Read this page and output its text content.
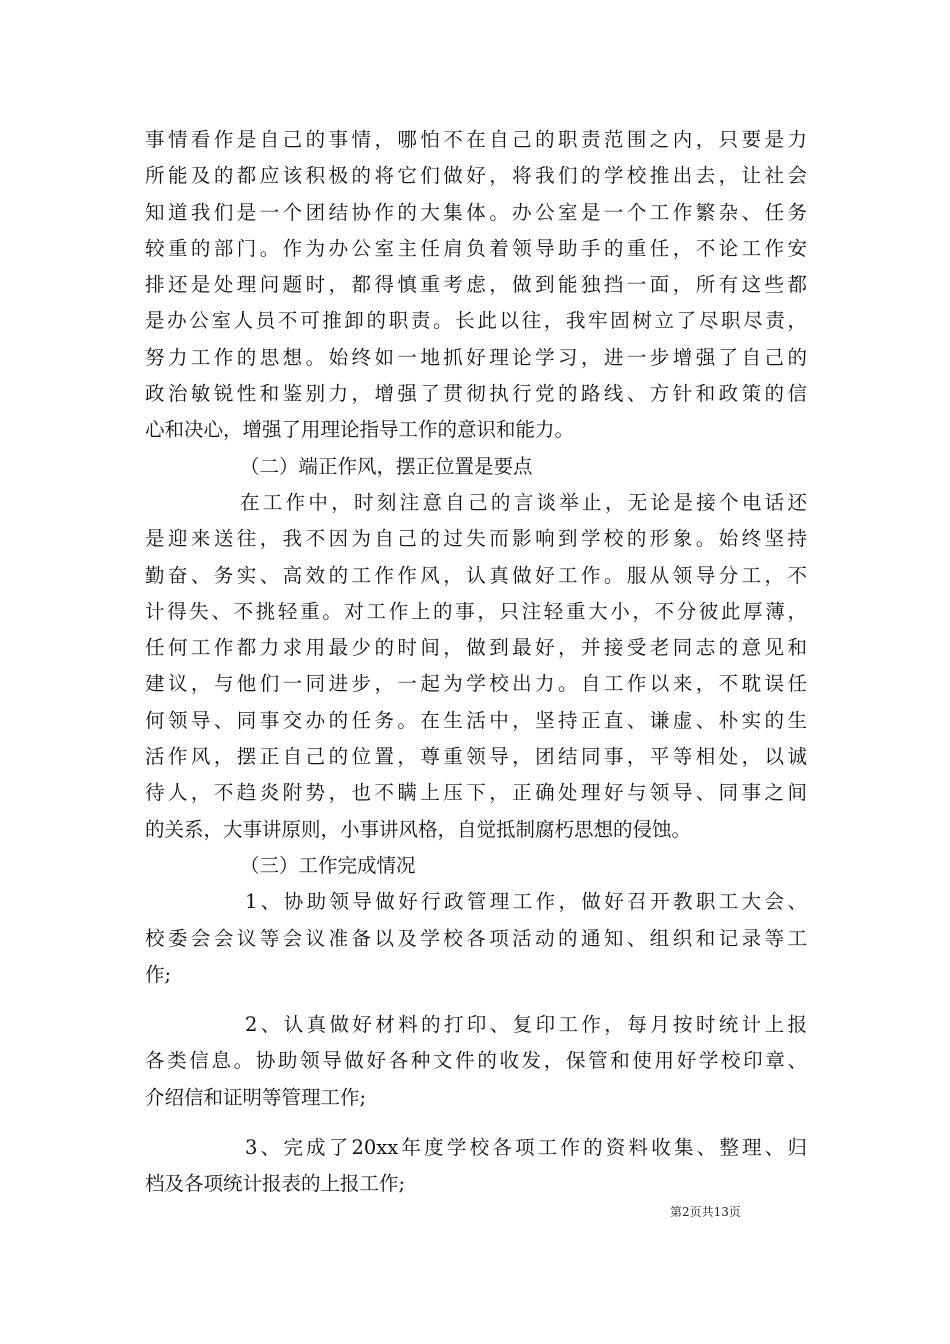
事情看作是自己的事情，哪怕不在自己的职责范围之内，只要是力
所能及的都应该积极的将它们做好，将我们的学校推出去，让社会
知道我们是一个团结协作的大集体。办公室是一个工作繁杂、任务
较重的部门。作为办公室主任肩负着领导助手的重任，不论工作安
排还是处理问题时，都得慎重考虑，做到能独挡一面，所有这些都
是办公室人员不可推卸的职责。长此以往，我牢固树立了尽职尽责，
努力工作的思想。始终如一地抓好理论学习，进一步增强了自己的
政治敏锐性和鉴别力，增强了贯彻执行党的路线、方针和政策的信
心和决心，增强了用理论指导工作的意识和能力。
（二）端正作风，摆正位置是要点
在工作中，时刻注意自己的言谈举止，无论是接个电话还
是迎来送往，我不因为自己的过失而影响到学校的形象。始终坚持
勤奋、务实、高效的工作作风，认真做好工作。服从领导分工，不
计得失、不挑轻重。对工作上的事，只注轻重大小，不分彼此厚薄，
任何工作都力求用最少的时间，做到最好，并接受老同志的意见和
建议，与他们一同进步，一起为学校出力。自工作以来，不耽误任
何领导、同事交办的任务。在生活中，坚持正直、谦虚、朴实的生
活作风，摆正自己的位置，尊重领导，团结同事，平等相处，以诚
待人，不趋炎附势，也不瞒上压下，正确处理好与领导、同事之间
的关系，大事讲原则，小事讲风格，自觉抵制腐朽思想的侵蚀。
（三）工作完成情况
1、协助领导做好行政管理工作，做好召开教职工大会、
校委会会议等会议准备以及学校各项活动的通知、组织和记录等工
作;
2、认真做好材料的打印、复印工作，每月按时统计上报
各类信息。协助领导做好各种文件的收发，保管和使用好学校印章、
介绍信和证明等管理工作;
3、完成了20xx年度学校各项工作的资料收集、整理、归
档及各项统计报表的上报工作;
第2页共13页
